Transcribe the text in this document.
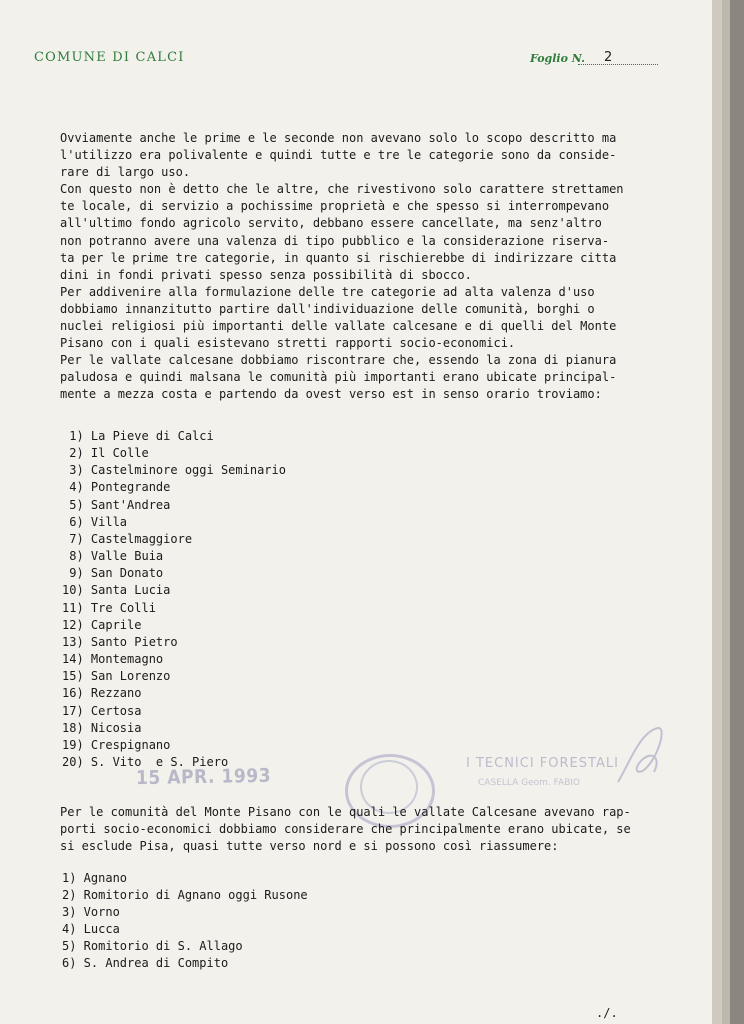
COMUNE DI CALCI	Foglio N. 2
Ovviamente anche le prime e le seconde non avevano solo lo scopo descritto ma
l'utilizzo era polivalente e quindi tutte e tre le categorie sono da conside-
rare di largo uso.
Con questo non è detto che le altre, che rivestivono solo carattere strettamen
te locale, di servizio a pochissime proprietà e che spesso si interrompevano
all'ultimo fondo agricolo servito, debbano essere cancellate, ma senz'altro
non potranno avere una valenza di tipo pubblico e la considerazione riserva-
ta per le prime tre categorie, in quanto si rischierebbe di indirizzare citta
dini in fondi privati spesso senza possibilità di sbocco.
Per addivenire alla formulazione delle tre categorie ad alta valenza d'uso
dobbiamo innanzitutto partire dall'individuazione delle comunità, borghi o
nuclei religiosi più importanti delle vallate calcesane e di quelli del Monte
Pisano con i quali esistevano stretti rapporti socio-economici.
Per le vallate calcesane dobbiamo riscontrare che, essendo la zona di pianura
paludosa e quindi malsana le comunità più importanti erano ubicate principal-
mente a mezza costa e partendo da ovest verso est in senso orario troviamo:
1) La Pieve di Calci
2) Il Colle
3) Castelminore oggi Seminario
4) Pontegrande
5) Sant'Andrea
6) Villa
7) Castelmaggiore
8) Valle Buia
9) San Donato
10) Santa Lucia
11) Tre Colli
12) Caprile
13) Santo Pietro
14) Montemagno
15) San Lorenzo
16) Rezzano
17) Certosa
18) Nicosia
19) Crespignano
20) S. Vito  e S. Piero
15 APR. 1993
I TECNICI FORESTALI
CASELLA Geom. FABIO
Per le comunità del Monte Pisano con le quali le vallate Calcesane avevano rap-
porti socio-economici dobbiamo considerare che principalmente erano ubicate, se
si esclude Pisa, quasi tutte verso nord e si possono così riassumere:
1) Agnano
2) Romitorio di Agnano oggi Rusone
3) Vorno
4) Lucca
5) Romitorio di S. Allago
6) S. Andrea di Compito
./.
